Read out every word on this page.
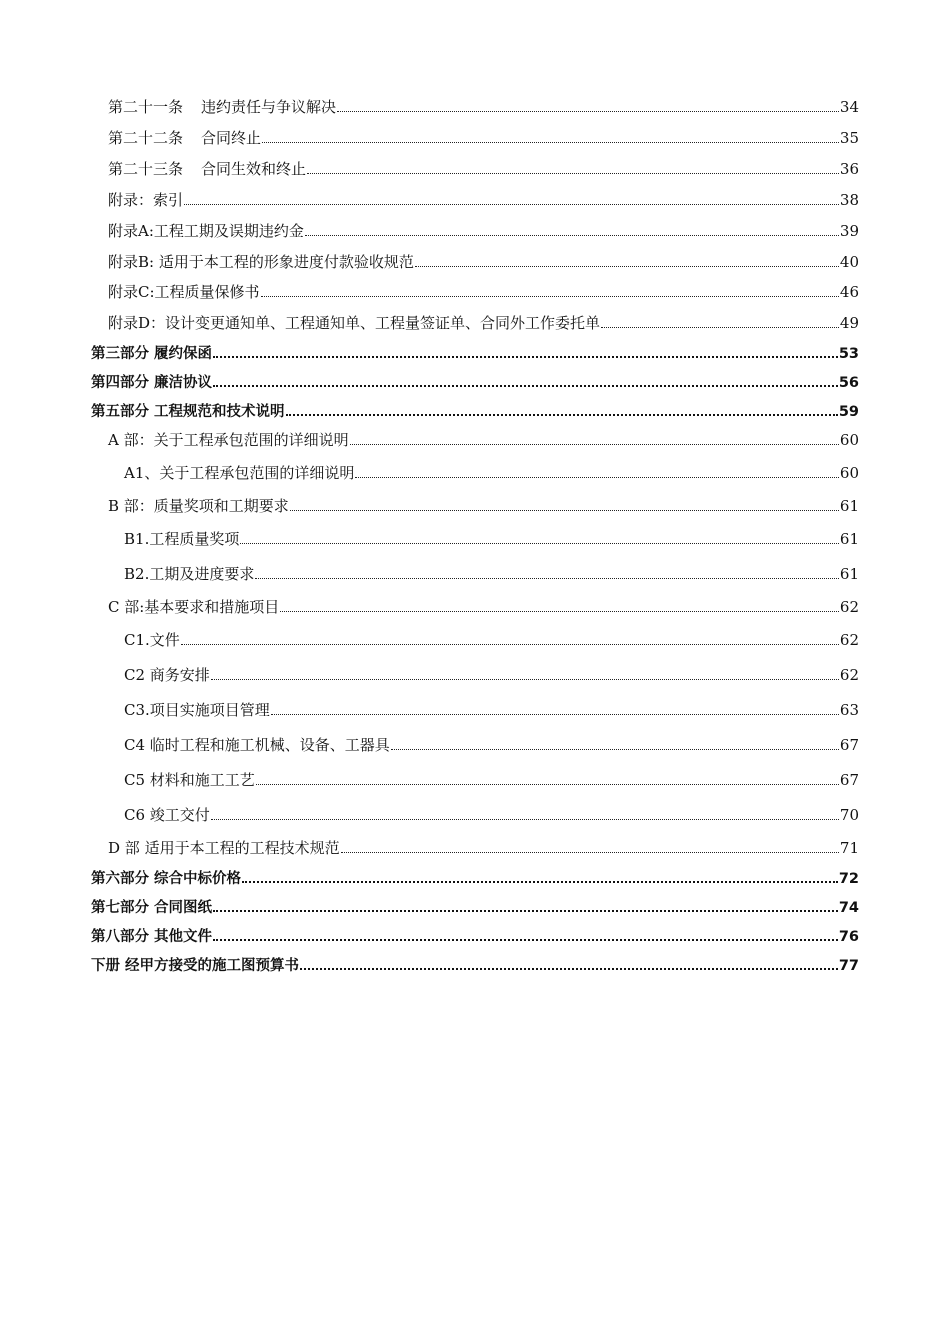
第二十一条 违约责任与争议解决	34
第二十二条 合同终止	35
第二十三条 合同生效和终止	36
附录：索引	38
附录A:工程工期及误期违约金	39
附录B: 适用于本工程的形象进度付款验收规范	40
附录C:工程质量保修书	46
附录D：设计变更通知单、工程通知单、工程量签证单、合同外工作委托单	49
第三部分 履约保函	53
第四部分 廉洁协议	56
第五部分 工程规范和技术说明	59
A 部：关于工程承包范围的详细说明	60
A1、关于工程承包范围的详细说明	60
B 部：质量奖项和工期要求	61
B1.工程质量奖项	61
B2.工期及进度要求	61
C 部:基本要求和措施项目	62
C1.文件	62
C2 商务安排	62
C3.项目实施项目管理	63
C4 临时工程和施工机械、设备、工器具	67
C5 材料和施工工艺	67
C6 竣工交付	70
D 部 适用于本工程的工程技术规范	71
第六部分 综合中标价格	72
第七部分 合同图纸	74
第八部分 其他文件	76
下册 经甲方接受的施工图预算书	77
